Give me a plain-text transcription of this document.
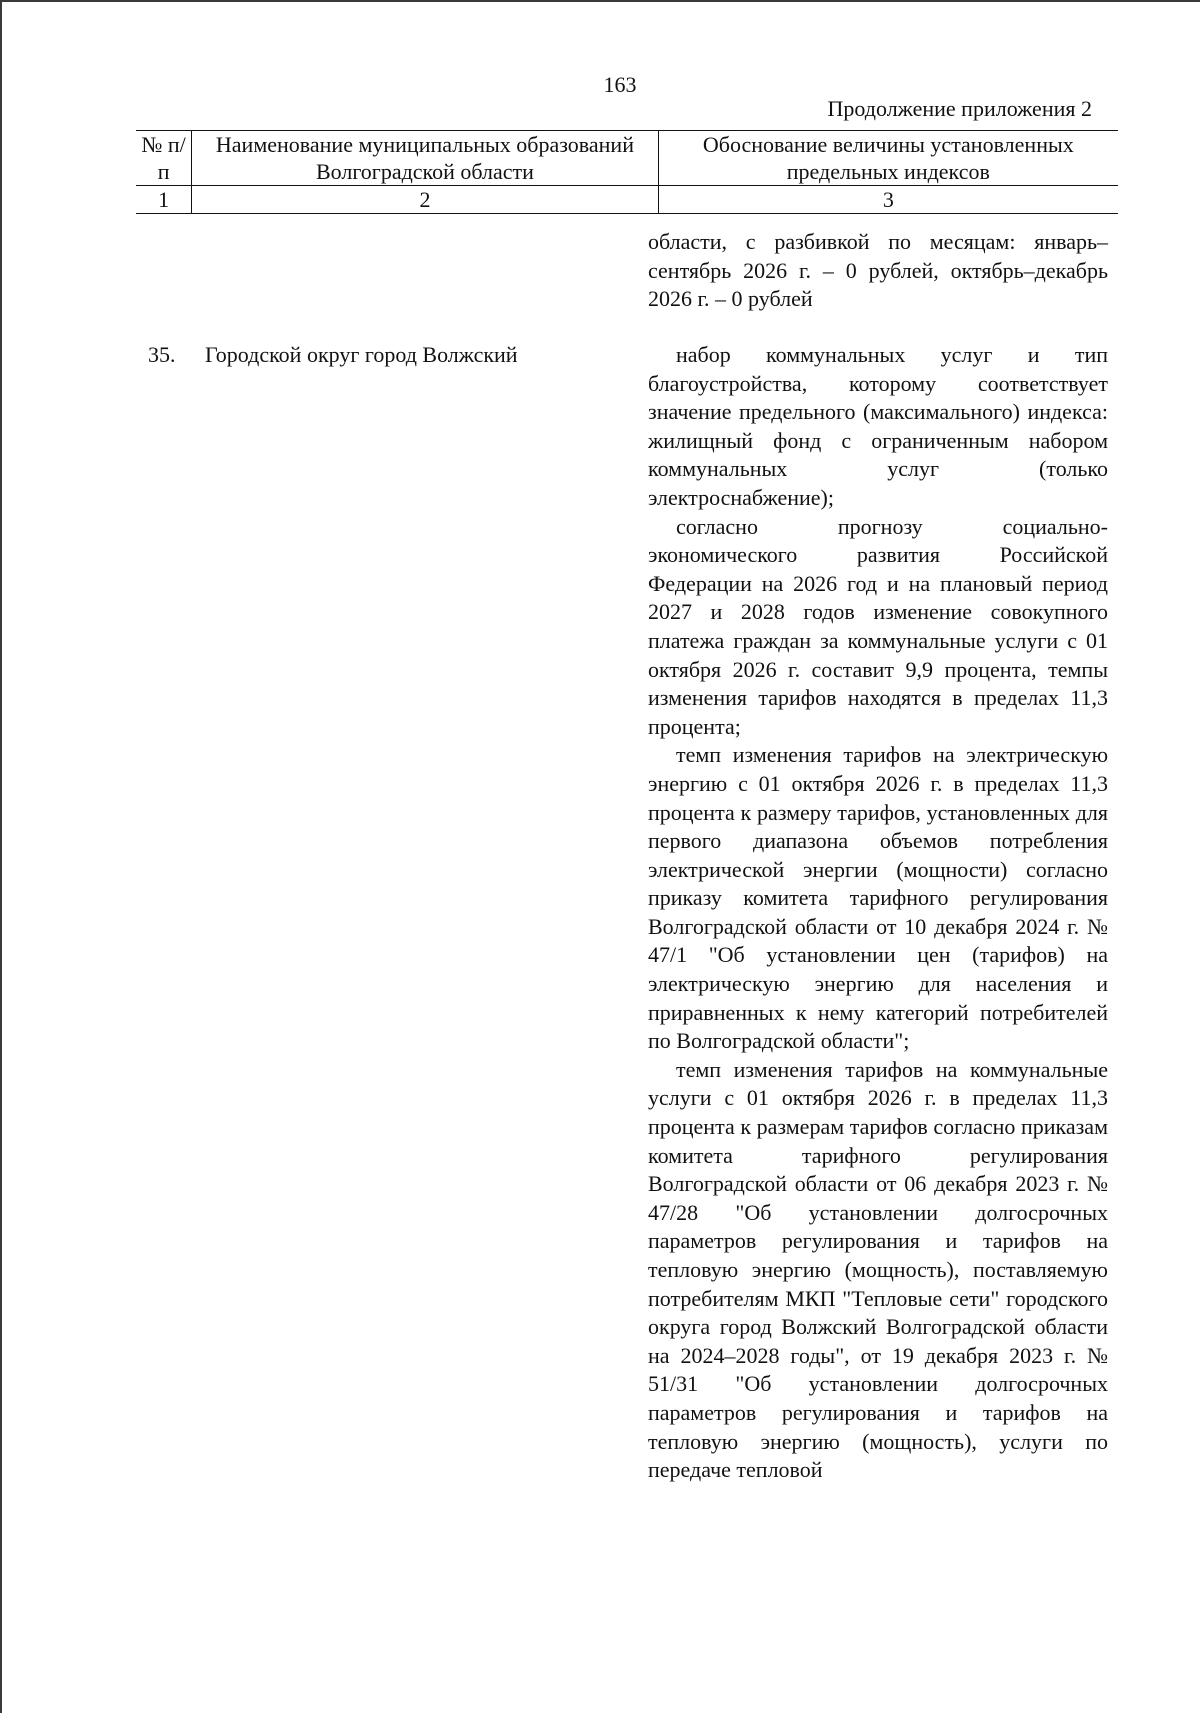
163
Продолжение приложения 2
№ п/п	Наименование муниципальных образований Волгоградской области	Обоснование величины установленных предельных индексов
1	2	3

области, с разбивкой по месяцам: январь–сентябрь 2026 г. – 0 рублей, октябрь–декабрь 2026 г. – 0 рублей

35. Городской округ город Волжский	набор коммунальных услуг и тип благоустройства, которому соответствует значение предельного (максимального) индекса: жилищный фонд с ограниченным набором коммунальных услуг (только электроснабжение);

согласно прогнозу социально-экономического развития Российской Федерации на 2026 год и на плановый период 2027 и 2028 годов изменение совокупного платежа граждан за коммунальные услуги с 01 октября 2026 г. составит 9,9 процента, темпы изменения тарифов находятся в пределах 11,3 процента;

темп изменения тарифов на электрическую энергию с 01 октября 2026 г. в пределах 11,3 процента к размеру тарифов, установленных для первого диапазона объемов потребления электрической энергии (мощности) согласно приказу комитета тарифного регулирования Волгоградской области от 10 декабря 2024 г. № 47/1 "Об установлении цен (тарифов) на электрическую энергию для населения и приравненных к нему категорий потребителей по Волгоградской области";

темп изменения тарифов на коммунальные услуги с 01 октября 2026 г. в пределах 11,3 процента к размерам тарифов согласно приказам комитета тарифного регулирования Волгоградской области от 06 декабря 2023 г. № 47/28 "Об установлении долгосрочных параметров регулирования и тарифов на тепловую энергию (мощность), поставляемую потребителям МКП "Тепловые сети" городского округа город Волжский Волгоградской области на 2024–2028 годы", от 19 декабря 2023 г. № 51/31 "Об установлении долгосрочных параметров регулирования и тарифов на тепловую энергию (мощность), услуги по передаче тепловой
